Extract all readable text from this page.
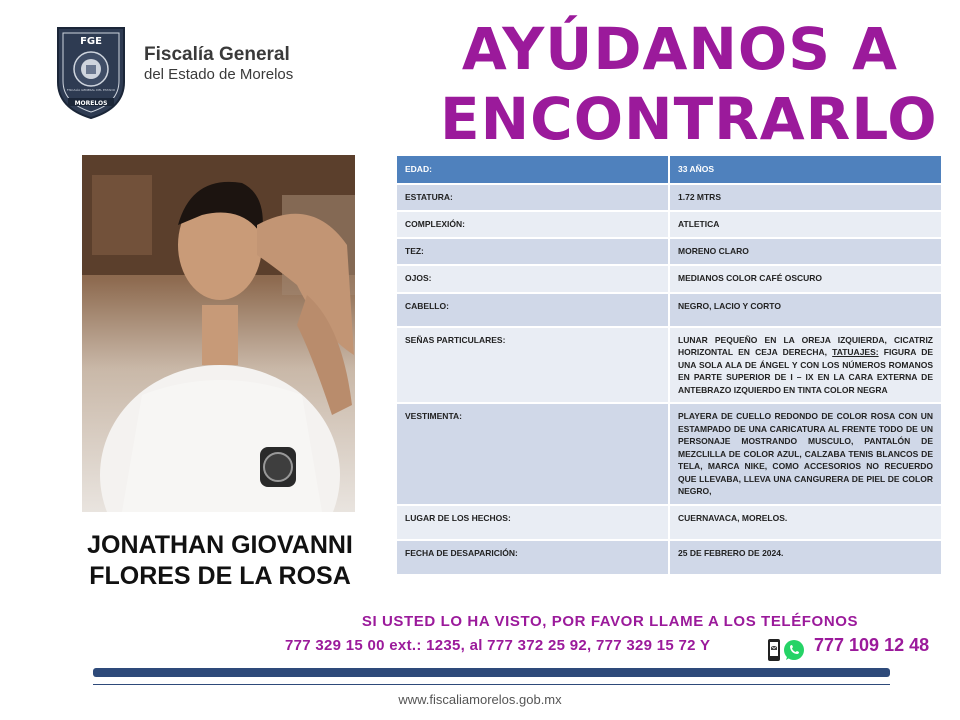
FGE
MORELOS
FISCALÍA GENERAL DEL ESTADO
Fiscalía General
del Estado de Morelos	AYÚDANOS A
ENCONTRARLO
JONATHAN GIOVANNI
FLORES DE LA ROSA
EDAD:	33 AÑOS
ESTATURA:	1.72 MTRS
COMPLEXIÓN:	ATLETICA
TEZ:	MORENO CLARO
OJOS:	MEDIANOS COLOR CAFÉ OSCURO
CABELLO:	NEGRO, LACIO Y CORTO
SEÑAS PARTICULARES:	LUNAR PEQUEÑO EN LA OREJA IZQUIERDA, CICATRIZ HORIZONTAL EN CEJA DERECHA, TATUAJES: FIGURA DE UNA SOLA ALA DE ÁNGEL Y CON LOS NÚMEROS ROMANOS EN PARTE SUPERIOR DE I – IX EN LA CARA EXTERNA DE ANTEBRAZO IZQUIERDO EN TINTA COLOR NEGRA
VESTIMENTA:	PLAYERA DE CUELLO REDONDO DE COLOR ROSA CON UN ESTAMPADO DE UNA CARICATURA AL FRENTE TODO DE UN PERSONAJE MOSTRANDO MUSCULO, PANTALÓN DE MEZCLILLA DE COLOR AZUL, CALZABA TENIS BLANCOS DE TELA, MARCA NIKE, COMO ACCESORIOS NO RECUERDO QUE LLEVABA, LLEVA UNA CANGURERA DE PIEL DE COLOR NEGRO,
LUGAR DE LOS HECHOS:	CUERNAVACA, MORELOS.
FECHA DE DESAPARICIÓN:	25 DE FEBRERO DE 2024.
SI USTED LO HA VISTO, POR FAVOR LLAME A LOS TELÉFONOS
777 329 15 00 ext.: 1235, al 777 372 25 92, 777 329 15 72 Y	777 109 12 48
www.fiscaliamorelos.gob.mx
